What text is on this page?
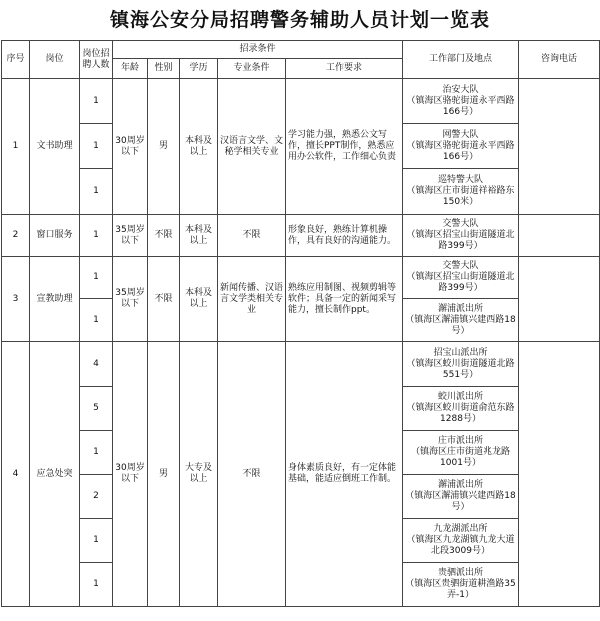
镇海公安分局招聘警务辅助人员计划一览表
序号	岗位	岗位招聘人数	招录条件					工作部门及地点	咨询电话
			年龄	性别	学历	专业条件	工作要求		
1	文书助理	1	30周岁以下	男	本科及以上	汉语言文学、文秘学相关专业	学习能力强，熟悉公文写作，擅长PPT制作，熟悉应用办公软件，工作细心负责	治安大队
（镇海区骆驼街道永平西路166号）	

		1						网警大队
（镇海区骆驼街道永平西路166号）	

		1						巡特警大队
（镇海区庄市街道祥裕路东150米）	

2	窗口服务	1	35周岁以下	不限	本科及以上	不限	形象良好，熟练计算机操作，具有良好的沟通能力。	交警大队
（镇海区招宝山街道隧道北路399号）	

3	宣教助理	1	35周岁以下	不限	本科及以上	新闻传播、汉语言文学类相关专业	熟练应用制图、视频剪辑等软件；具备一定的新闻采写能力，擅长制作ppt。	交警大队
（镇海区招宝山街道隧道北路399号）	

		1						澥浦派出所
（镇海区澥浦镇兴建西路18号）	

4	应急处突	4	30周岁以下	男	大专及以上	不限	身体素质良好，有一定体能基础，能适应倒班工作制。	招宝山派出所
（镇海区蛟川街道隧道北路551号）	

		5						蛟川派出所
（镇海区蛟川街道俞范东路1288号）	

		1						庄市派出所
（镇海区庄市街道兆龙路1001号）	

		2						澥浦派出所
（镇海区澥浦镇兴建西路18号）	

		1						九龙湖派出所
（镇海区九龙湖镇九龙大道北段3009号）	

		1						贵驷派出所
（镇海区贵驷街道耕渔路35弄-1）	
